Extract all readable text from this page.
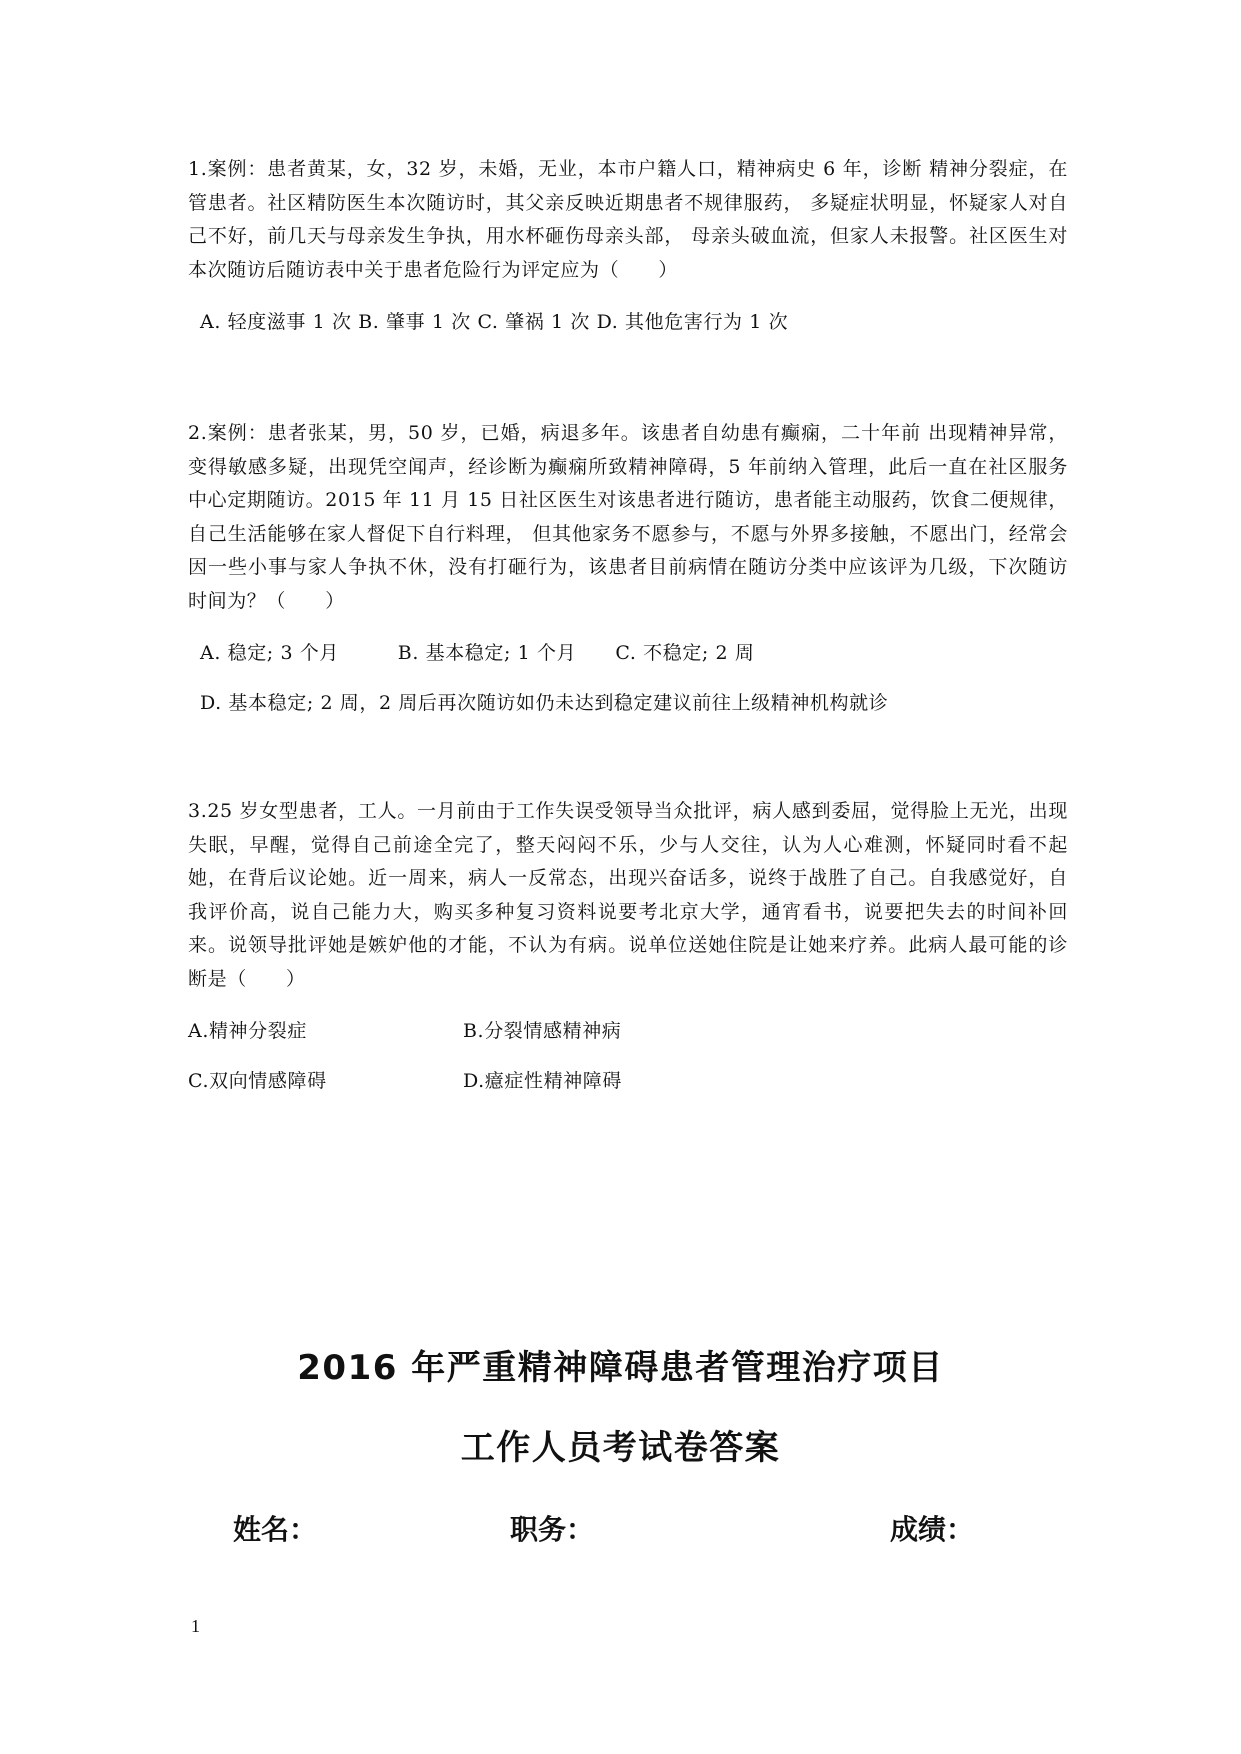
1.案例：患者黄某，女，32 岁，未婚，无业，本市户籍人口，精神病史 6 年，诊断 精神分裂症，在管患者。社区精防医生本次随访时，其父亲反映近期患者不规律服药， 多疑症状明显，怀疑家人对自己不好，前几天与母亲发生争执，用水杯砸伤母亲头部， 母亲头破血流，但家人未报警。社区医生对本次随访后随访表中关于患者危险行为评定应为（　　）

A. 轻度滋事 1 次 B. 肇事 1 次 C. 肇祸 1 次 D. 其他危害行为 1 次

2.案例：患者张某，男，50 岁，已婚，病退多年。该患者自幼患有癫痫，二十年前 出现精神异常，变得敏感多疑，出现凭空闻声，经诊断为癫痫所致精神障碍，5 年前纳入管理，此后一直在社区服务中心定期随访。2015 年 11 月 15 日社区医生对该患者进行随访，患者能主动服药，饮食二便规律，自己生活能够在家人督促下自行料理， 但其他家务不愿参与，不愿与外界多接触，不愿出门，经常会因一些小事与家人争执不休，没有打砸行为，该患者目前病情在随访分类中应该评为几级，下次随访时间为？（　　）

A. 稳定; 3 个月　　　B. 基本稳定; 1 个月　　C. 不稳定; 2 周
D. 基本稳定; 2 周，2 周后再次随访如仍未达到稳定建议前往上级精神机构就诊

3.25 岁女型患者，工人。一月前由于工作失误受领导当众批评，病人感到委屈，觉得脸上无光，出现失眠，早醒，觉得自己前途全完了，整天闷闷不乐，少与人交往，认为人心难测，怀疑同时看不起她，在背后议论她。近一周来，病人一反常态，出现兴奋话多，说终于战胜了自己。自我感觉好，自我评价高，说自己能力大，购买多种复习资料说要考北京大学，通宵看书，说要把失去的时间补回来。说领导批评她是嫉妒他的才能，不认为有病。说单位送她住院是让她来疗养。此病人最可能的诊断是（　　）

A.精神分裂症	B.分裂情感精神病
C.双向情感障碍	D.癔症性精神障碍
2016 年严重精神障碍患者管理治疗项目
工作人员考试卷答案
姓名：	职务：	成绩：
1
